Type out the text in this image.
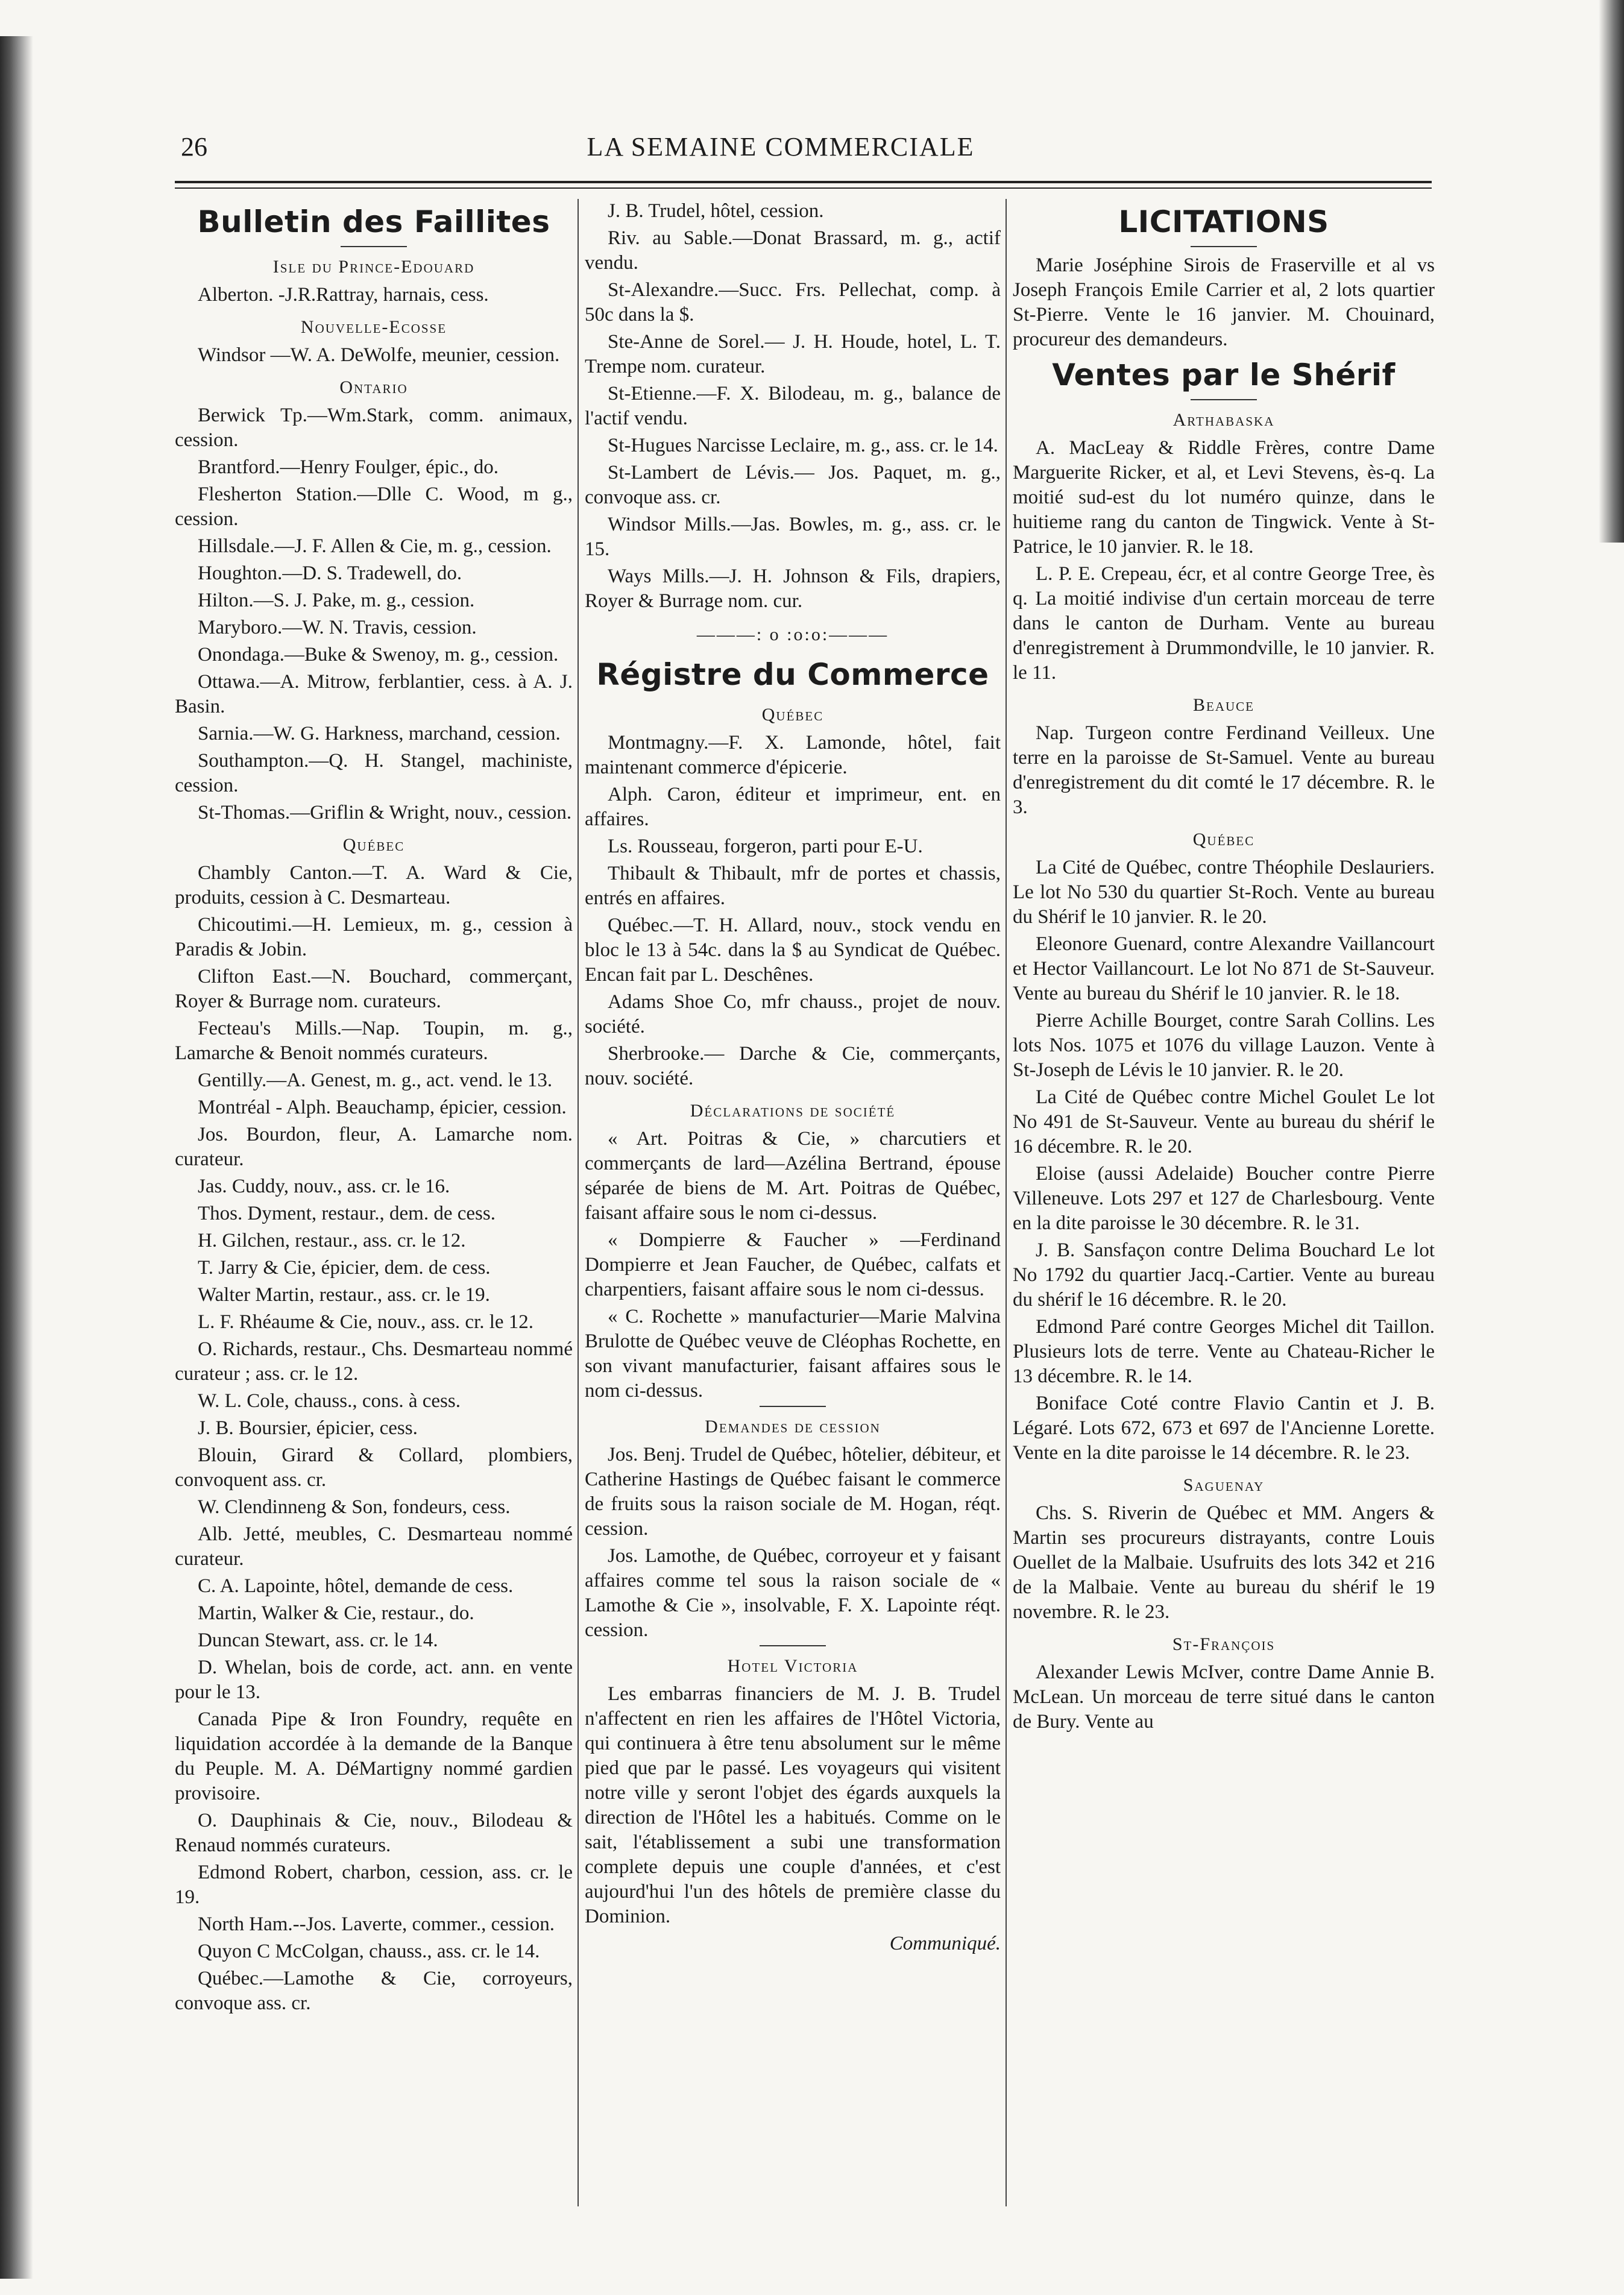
26	LA SEMAINE COMMERCIALE
Bulletin des Faillites
Isle du Prince-Edouard

Alberton. -J.R.Rattray, harnais, cess.

Nouvelle-Ecosse

Windsor —W. A. DeWolfe, meunier, cession.

Ontario

Berwick Tp.—Wm.Stark, comm. animaux, cession.

Brantford.—Henry Foulger, épic., do.

Flesherton Station.—Dlle C. Wood, m g., cession.

Hillsdale.—J. F. Allen & Cie, m. g., cession.

Houghton.—D. S. Tradewell, do.

Hilton.—S. J. Pake, m. g., cession.

Maryboro.—W. N. Travis, cession.

Onondaga.—Buke & Swenoy, m. g., cession.

Ottawa.—A. Mitrow, ferblantier, cess. à A. J. Basin.

Sarnia.—W. G. Harkness, marchand, cession.

Southampton.—Q. H. Stangel, machiniste, cession.

St-Thomas.—Griflin & Wright, nouv., cession.

Québec

Chambly Canton.—T. A. Ward & Cie, produits, cession à C. Desmarteau.

Chicoutimi.—H. Lemieux, m. g., cession à Paradis & Jobin.

Clifton East.—N. Bouchard, commerçant, Royer & Burrage nom. curateurs.

Fecteau's Mills.—Nap. Toupin, m. g., Lamarche & Benoit nommés curateurs.

Gentilly.—A. Genest, m. g., act. vend. le 13.

Montréal - Alph. Beauchamp, épicier, cession.

Jos. Bourdon, fleur, A. Lamarche nom. curateur.

Jas. Cuddy, nouv., ass. cr. le 16.

Thos. Dyment, restaur., dem. de cess.

H. Gilchen, restaur., ass. cr. le 12.

T. Jarry & Cie, épicier, dem. de cess.

Walter Martin, restaur., ass. cr. le 19.

L. F. Rhéaume & Cie, nouv., ass. cr. le 12.

O. Richards, restaur., Chs. Desmarteau nommé curateur ; ass. cr. le 12.

W. L. Cole, chauss., cons. à cess.

J. B. Boursier, épicier, cess.

Blouin, Girard & Collard, plombiers, convoquent ass. cr.

W. Clendinneng & Son, fondeurs, cess.

Alb. Jetté, meubles, C. Desmarteau nommé curateur.

C. A. Lapointe, hôtel, demande de cess.

Martin, Walker & Cie, restaur., do.

Duncan Stewart, ass. cr. le 14.

D. Whelan, bois de corde, act. ann. en vente pour le 13.

Canada Pipe & Iron Foundry, requête en liquidation accordée à la demande de la Banque du Peuple. M. A. DéMartigny nommé gardien provisoire.

O. Dauphinais & Cie, nouv., Bilodeau & Renaud nommés curateurs.

Edmond Robert, charbon, cession, ass. cr. le 19.

North Ham.--Jos. Laverte, commer., cession.

Quyon C McColgan, chauss., ass. cr. le 14.

Québec.—Lamothe & Cie, corroyeurs, convoque ass. cr.

J. B. Trudel, hôtel, cession.

Riv. au Sable.—Donat Brassard, m. g., actif vendu.

St-Alexandre.—Succ. Frs. Pellechat, comp. à 50c dans la $.

Ste-Anne de Sorel.— J. H. Houde, hotel, L. T. Trempe nom. curateur.

St-Etienne.—F. X. Bilodeau, m. g., balance de l'actif vendu.

St-Hugues Narcisse Leclaire, m. g., ass. cr. le 14.

St-Lambert de Lévis.— Jos. Paquet, m. g., convoque ass. cr.

Windsor Mills.—Jas. Bowles, m. g., ass. cr. le 15.

Ways Mills.—J. H. Johnson & Fils, drapiers, Royer & Burrage nom. cur.

———: o :o:o:———
Régistre du Commerce
Québec

Montmagny.—F. X. Lamonde, hôtel, fait maintenant commerce d'épicerie.

Alph. Caron, éditeur et imprimeur, ent. en affaires.

Ls. Rousseau, forgeron, parti pour E-U.

Thibault & Thibault, mfr de portes et chassis, entrés en affaires.

Québec.—T. H. Allard, nouv., stock vendu en bloc le 13 à 54c. dans la $ au Syndicat de Québec. Encan fait par L. Deschênes.

Adams Shoe Co, mfr chauss., projet de nouv. société.

Sherbrooke.— Darche & Cie, commerçants, nouv. société.

Déclarations de société

« Art. Poitras & Cie, » charcutiers et commerçants de lard—Azélina Bertrand, épouse séparée de biens de M. Art. Poitras de Québec, faisant affaire sous le nom ci-dessus.

« Dompierre & Faucher » —Ferdinand Dompierre et Jean Faucher, de Québec, calfats et charpentiers, faisant affaire sous le nom ci-dessus.

« C. Rochette » manufacturier—Marie Malvina Brulotte de Québec veuve de Cléophas Rochette, en son vivant manufacturier, faisant affaires sous le nom ci-dessus.

Demandes de cession

Jos. Benj. Trudel de Québec, hôtelier, débiteur, et Catherine Hastings de Québec faisant le commerce de fruits sous la raison sociale de M. Hogan, réqt. cession.

Jos. Lamothe, de Québec, corroyeur et y faisant affaires comme tel sous la raison sociale de « Lamothe & Cie », insolvable, F. X. Lapointe réqt. cession.

Hotel Victoria

Les embarras financiers de M. J. B. Trudel n'affectent en rien les affaires de l'Hôtel Victoria, qui continuera à être tenu absolument sur le même pied que par le passé. Les voyageurs qui visitent notre ville y seront l'objet des égards auxquels la direction de l'Hôtel les a habitués. Comme on le sait, l'établissement a subi une transformation complete depuis une couple d'années, et c'est aujourd'hui l'un des hôtels de première classe du Dominion.

Communiqué.
LICITATIONS

Marie Joséphine Sirois de Fraserville et al vs Joseph François Emile Carrier et al, 2 lots quartier St-Pierre. Vente le 16 janvier. M. Chouinard, procureur des demandeurs.

Ventes par le Shérif
Arthabaska

A. MacLeay & Riddle Frères, contre Dame Marguerite Ricker, et al, et Levi Stevens, ès-q. La moitié sud-est du lot numéro quinze, dans le huitieme rang du canton de Tingwick. Vente à St-Patrice, le 10 janvier. R. le 18.

L. P. E. Crepeau, écr, et al contre George Tree, ès q. La moitié indivise d'un certain morceau de terre dans le canton de Durham. Vente au bureau d'enregistrement à Drummondville, le 10 janvier. R. le 11.

Beauce

Nap. Turgeon contre Ferdinand Veilleux. Une terre en la paroisse de St-Samuel. Vente au bureau d'enregistrement du dit comté le 17 décembre. R. le 3.

Québec

La Cité de Québec, contre Théophile Deslauriers. Le lot No 530 du quartier St-Roch. Vente au bureau du Shérif le 10 janvier. R. le 20.

Eleonore Guenard, contre Alexandre Vaillancourt et Hector Vaillancourt. Le lot No 871 de St-Sauveur. Vente au bureau du Shérif le 10 janvier. R. le 18.

Pierre Achille Bourget, contre Sarah Collins. Les lots Nos. 1075 et 1076 du village Lauzon. Vente à St-Joseph de Lévis le 10 janvier. R. le 20.

La Cité de Québec contre Michel Goulet Le lot No 491 de St-Sauveur. Vente au bureau du shérif le 16 décembre. R. le 20.

Eloise (aussi Adelaide) Boucher contre Pierre Villeneuve. Lots 297 et 127 de Charlesbourg. Vente en la dite paroisse le 30 décembre. R. le 31.

J. B. Sansfaçon contre Delima Bouchard Le lot No 1792 du quartier Jacq.-Cartier. Vente au bureau du shérif le 16 décembre. R. le 20.

Edmond Paré contre Georges Michel dit Taillon. Plusieurs lots de terre. Vente au Chateau-Richer le 13 décembre. R. le 14.

Boniface Coté contre Flavio Cantin et J. B. Légaré. Lots 672, 673 et 697 de l'Ancienne Lorette. Vente en la dite paroisse le 14 décembre. R. le 23.

Saguenay

Chs. S. Riverin de Québec et MM. Angers & Martin ses procureurs distrayants, contre Louis Ouellet de la Malbaie. Usufruits des lots 342 et 216 de la Malbaie. Vente au bureau du shérif le 19 novembre. R. le 23.

St-François

Alexander Lewis McIver, contre Dame Annie B. McLean. Un morceau de terre situé dans le canton de Bury. Vente au
